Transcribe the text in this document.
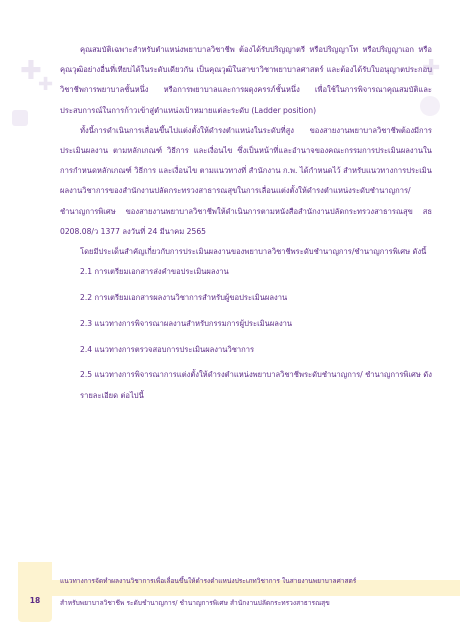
✚
✚
✚

คุณสมบัติเฉพาะสำหรับตำแหน่งพยาบาลวิชาชีพ ต้องได้รับปริญญาตรี หรือปริญญาโท หรือปริญญาเอก หรือคุณวุฒิอย่างอื่นที่เทียบได้ในระดับเดียวกัน เป็นคุณวุฒิในสาขาวิชาพยาบาลศาสตร์ และต้องได้รับใบอนุญาตประกอบวิชาชีพการพยาบาลชั้นหนึ่ง หรือการพยาบาลและการผดุงครรภ์ชั้นหนึ่ง เพื่อใช้ในการพิจารณาคุณสมบัติและประสบการณ์ในการก้าวเข้าสู่ตำแหน่งเป้าหมายแต่ละระดับ (Ladder position)

ทั้งนี้การดำเนินการเลื่อนขึ้นไปแต่งตั้งให้ดำรงตำแหน่งในระดับที่สูง ของสายงานพยาบาลวิชาชีพต้องมีการประเมินผลงาน ตามหลักเกณฑ์ วิธีการ และเงื่อนไข ซึ่งเป็นหน้าที่และอำนาจของคณะกรรมการประเมินผลงานในการกำหนดหลักเกณฑ์ วิธีการ และเงื่อนไข ตามแนวทางที่ สำนักงาน ก.พ. ได้กำหนดไว้ สำหรับแนวทางการประเมินผลงานวิชาการของสำนักงานปลัดกระทรวงสาธารณสุขในการเลื่อนแต่งตั้งให้ดำรงตำแหน่งระดับชำนาญการ/ ชำนาญการพิเศษ ของสายงานพยาบาลวิชาชีพให้ดำเนินการตามหนังสือสำนักงานปลัดกระทรวงสาธารณสุข สธ 0208.08/ว 1377 ลงวันที่ 24 มีนาคม 2565

โดยมีประเด็นสำคัญเกี่ยวกับการประเมินผลงานของพยาบาลวิชาชีพระดับชำนาญการ/ชำนาญการพิเศษ ดังนี้

2.1 การเตรียมเอกสารส่งคำขอประเมินผลงาน
2.2 การเตรียมเอกสารผลงานวิชาการสำหรับผู้ขอประเมินผลงาน
2.3 แนวทางการพิจารณาผลงานสำหรับกรรมการผู้ประเมินผลงาน
2.4 แนวทางการตรวจสอบการประเมินผลงานวิชาการ
2.5 แนวทางการพิจารณาการแต่งตั้งให้ดำรงตำแหน่งพยาบาลวิชาชีพระดับชำนาญการ/ ชำนาญการพิเศษ ดังรายละเอียด ต่อไปนี้
18
แนวทางการจัดทำผลงานวิชาการเพื่อเลื่อนขึ้นให้ดำรงตำแหน่งประเภทวิชาการ ในสายงานพยาบาลศาสตร์
สำหรับพยาบาลวิชาชีพ ระดับชำนาญการ/ ชำนาญการพิเศษ สำนักงานปลัดกระทรวงสาธารณสุข
